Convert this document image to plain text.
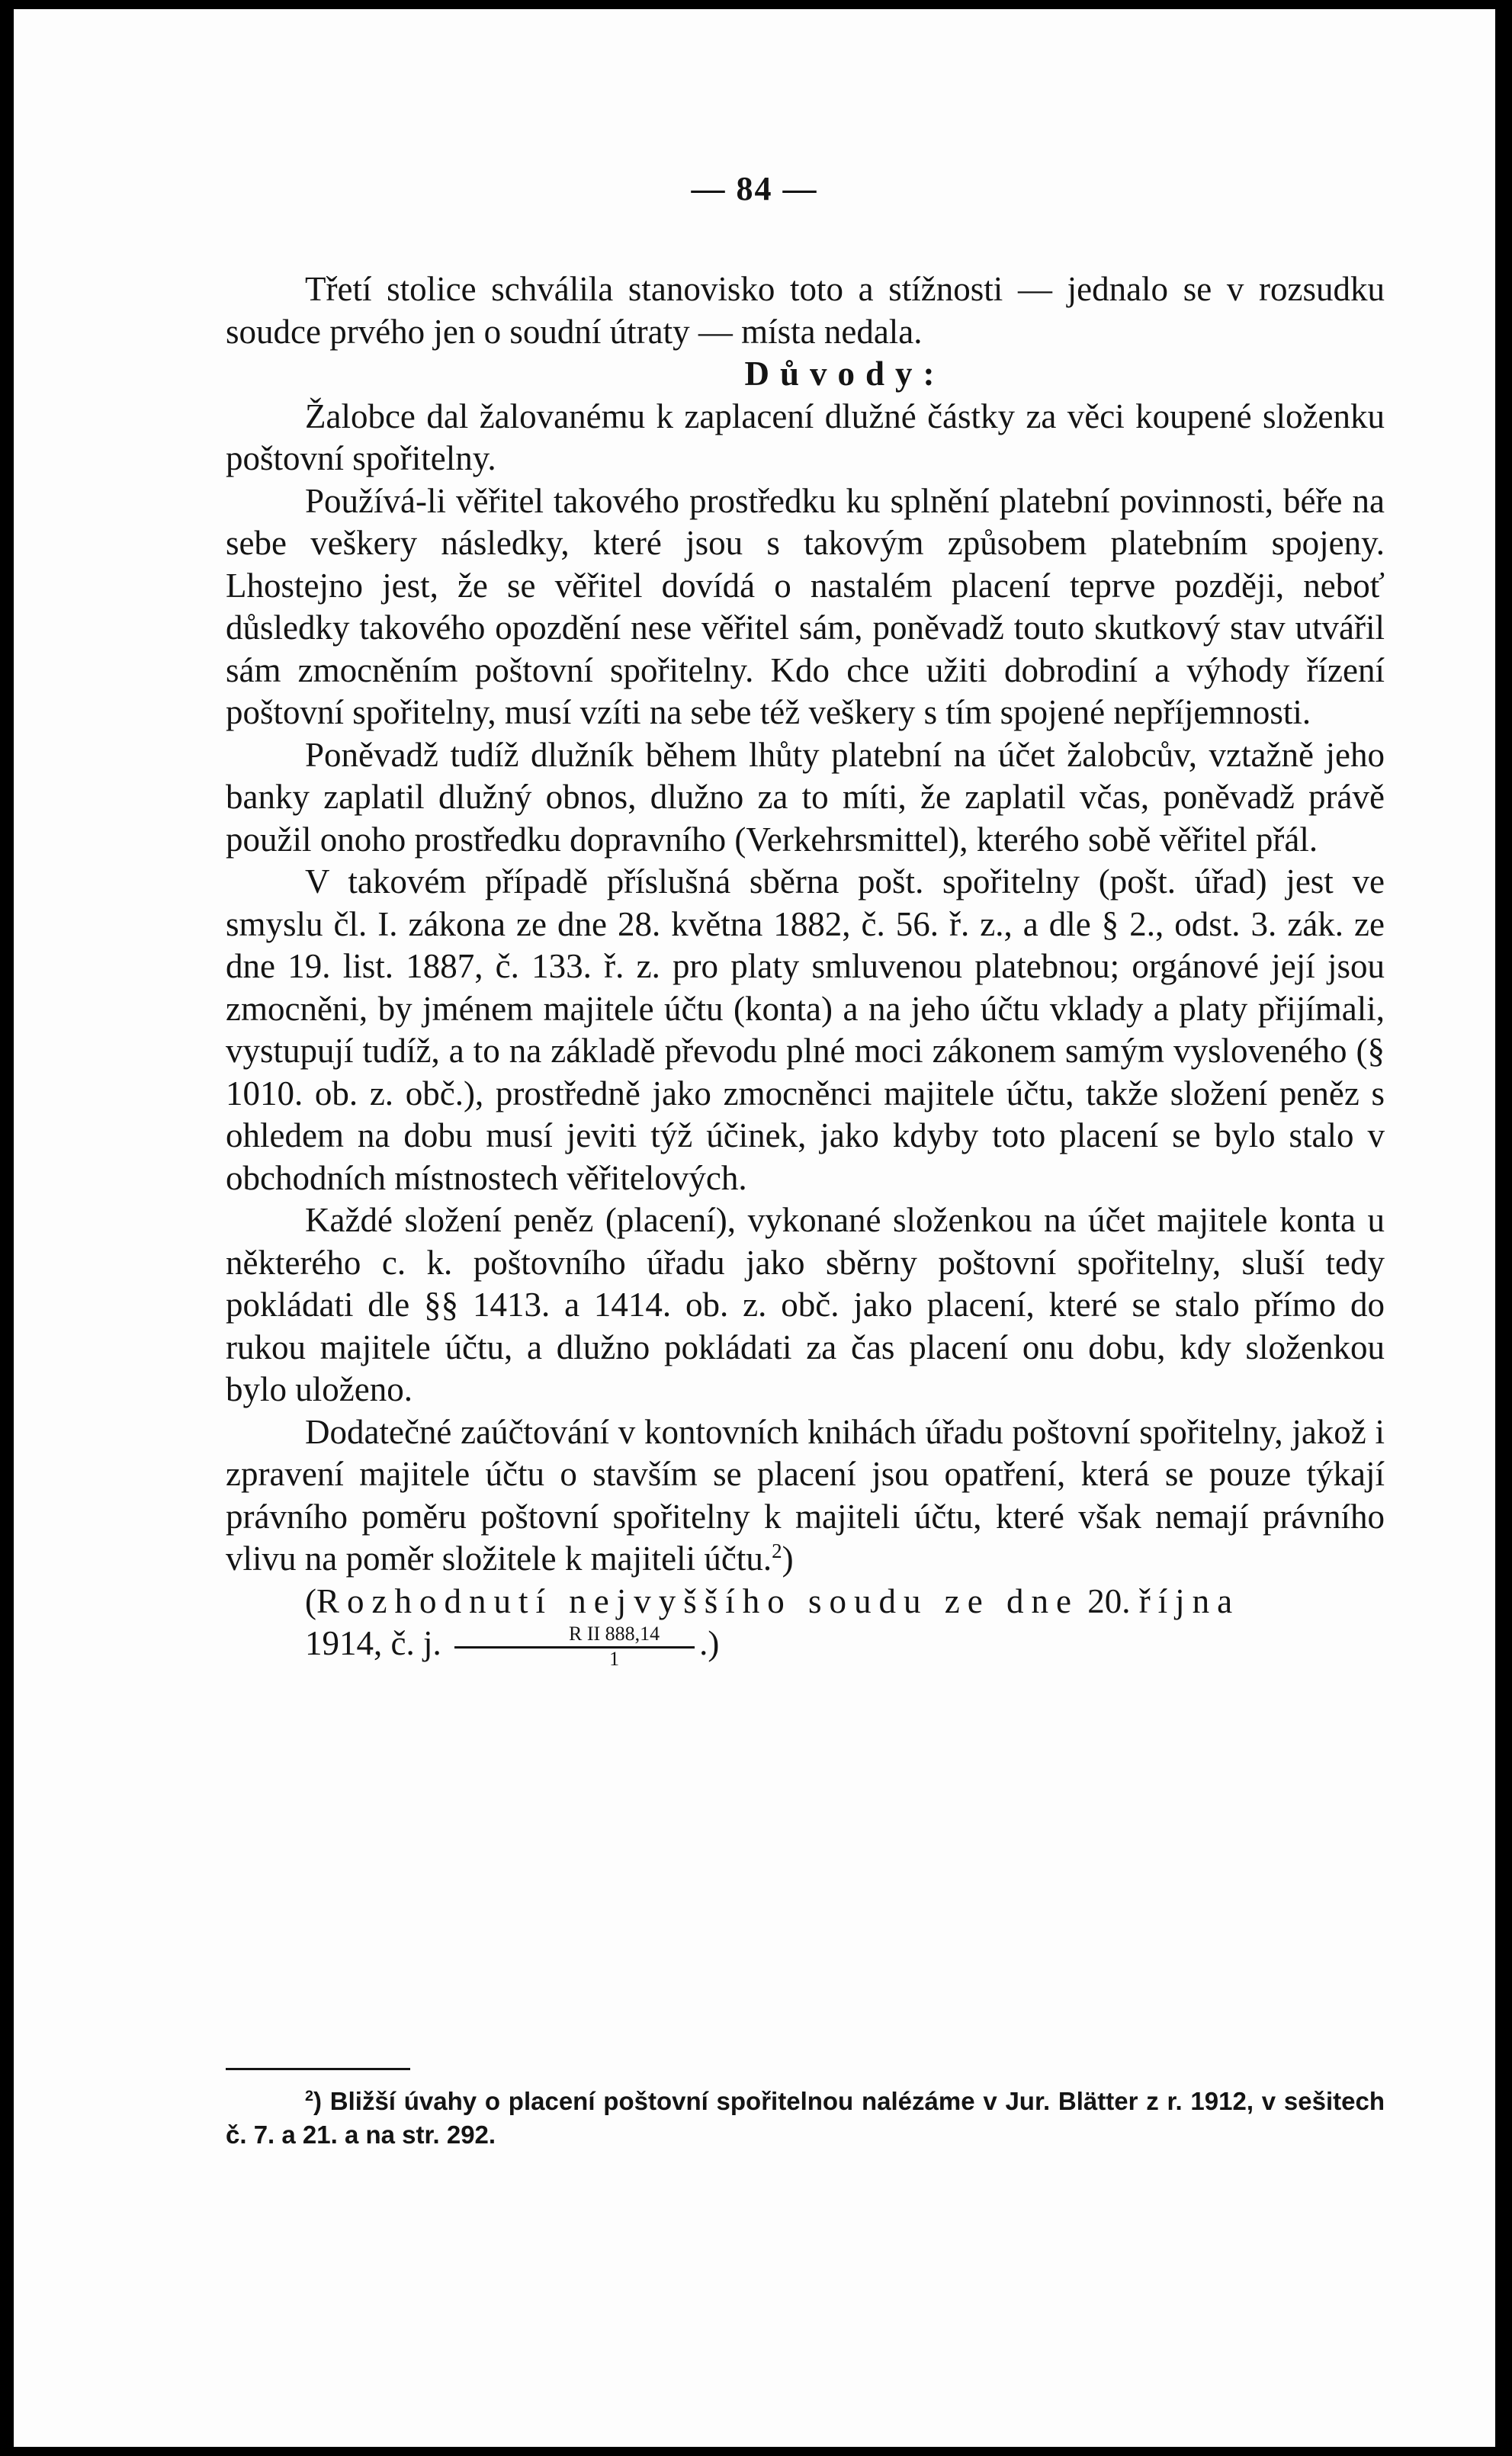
— 84 —

Třetí stolice schválila stanovisko toto a stížnosti — jednalo se v rozsudku soudce prvého jen o soudní útraty — místa nedala.

Důvody:

Žalobce dal žalovanému k zaplacení dlužné částky za věci koupené složenku poštovní spořitelny.

Používá-li věřitel takového prostředku ku splnění platební povinnosti, béře na sebe veškery následky, které jsou s takovým způsobem platebním spojeny. Lhostejno jest, že se věřitel dovídá o nastalém placení teprve později, neboť důsledky takového opozdění nese věřitel sám, poněvadž touto skutkový stav utvářil sám zmocněním poštovní spořitelny. Kdo chce užiti dobrodiní a výhody řízení poštovní spořitelny, musí vzíti na sebe též veškery s tím spojené nepříjemnosti.

Poněvadž tudíž dlužník během lhůty platební na účet žalobcův, vztažně jeho banky zaplatil dlužný obnos, dlužno za to míti, že zaplatil včas, poněvadž právě použil onoho prostředku dopravního (Verkehrsmittel), kterého sobě věřitel přál.

V takovém případě příslušná sběrna pošt. spořitelny (pošt. úřad) jest ve smyslu čl. I. zákona ze dne 28. května 1882, č. 56. ř. z., a dle § 2., odst. 3. zák. ze dne 19. list. 1887, č. 133. ř. z. pro platy smluvenou platebnou; orgánové její jsou zmocněni, by jménem majitele účtu (konta) a na jeho účtu vklady a platy přijímali, vystupují tudíž, a to na základě převodu plné moci zákonem samým vysloveného (§ 1010. ob. z. obč.), prostředně jako zmocněnci majitele účtu, takže složení peněz s ohledem na dobu musí jeviti týž účinek, jako kdyby toto placení se bylo stalo v obchodních místnostech věřitelových.

Každé složení peněz (placení), vykonané složenkou na účet majitele konta u některého c. k. poštovního úřadu jako sběrny poštovní spořitelny, sluší tedy pokládati dle §§ 1413. a 1414. ob. z. obč. jako placení, které se stalo přímo do rukou majitele účtu, a dlužno pokládati za čas placení onu dobu, kdy složenkou bylo uloženo.

Dodatečné zaúčtování v kontovních knihách úřadu poštovní spořitelny, jakož i zpravení majitele účtu o stavším se placení jsou opatření, která se pouze týkají právního poměru poštovní spořitelny k majiteli účtu, které však nemají právního vlivu na poměr složitele k majiteli účtu.$^2$)

(Rozhodnutí nejvyššího soudu ze dne 20. října

1914, č. j. $\frac{\text{R II 888,14}}{1}$ .)

$^2$) Bližší úvahy o placení poštovní spořitelnou nalézáme v Jur. Blätter z r. 1912, v sešitech č. 7. a 21. a na str. 292.
